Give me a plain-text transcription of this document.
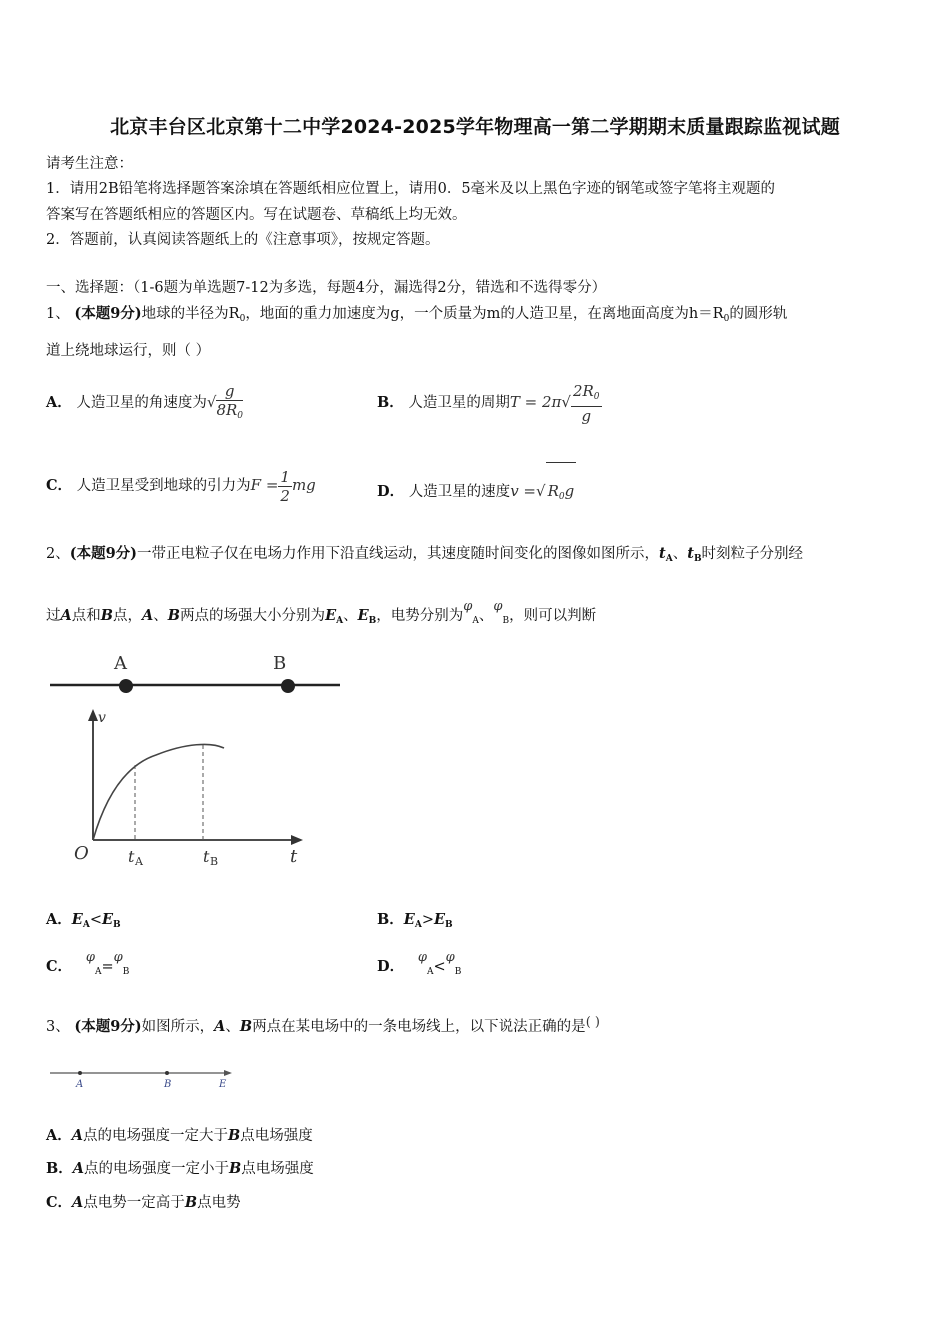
北京丰台区北京第十二中学2024-2025学年物理高一第二学期期末质量跟踪监视试题
请考生注意：
1．请用2B铅笔将选择题答案涂填在答题纸相应位置上，请用0．5毫米及以上黑色字迹的钢笔或签字笔将主观题的
答案写在答题纸相应的答题区内。写在试题卷、草稿纸上均无效。
2．答题前，认真阅读答题纸上的《注意事项》，按规定答题。
一、选择题：（1-6题为单选题7-12为多选，每题4分，漏选得2分，错选和不选得零分）
1、 (本题9分)地球的半径为$R_0$，地面的重力加速度为g，一个质量为m的人造卫星，在离地面高度为$h=R_0$的圆形轨
道上绕地球运行，则（ ）
A． 人造卫星的角速度为√ $\frac{g}{8R_0}$	B． 人造卫星的周期$T = 2\pi√ \frac{2R_0}{g}$
C． 人造卫星受到地球的引力为$F = \frac{1}{2}$ mg	D． 人造卫星的速度v =√ $R_0g$
2、(本题9分)一带正电粒子仅在电场力作用下沿直线运动，其速度随时间变化的图像如图所示，$t_A$、$t_B$时刻粒子分别经
过A点和B点，A、B两点的场强大小分别为$E_A$、$E_B$，电势分别为$\varphi_A$、$\varphi_B$，则可以判断
A	B
v
O t A	t B	t
A．$E_A<E_B$	B．$E_A>E_B$
C．   $\varphi_A=\varphi_B$	D．   $\varphi_A<\varphi_B$
3、 (本题9分)如图所示，A、B两点在某电场中的一条电场线上，以下说法正确的是( )
A	B	E
A．A点的电场强度一定大于B点电场强度
B．A点的电场强度一定小于B点电场强度
C．A点电势一定高于B点电势
